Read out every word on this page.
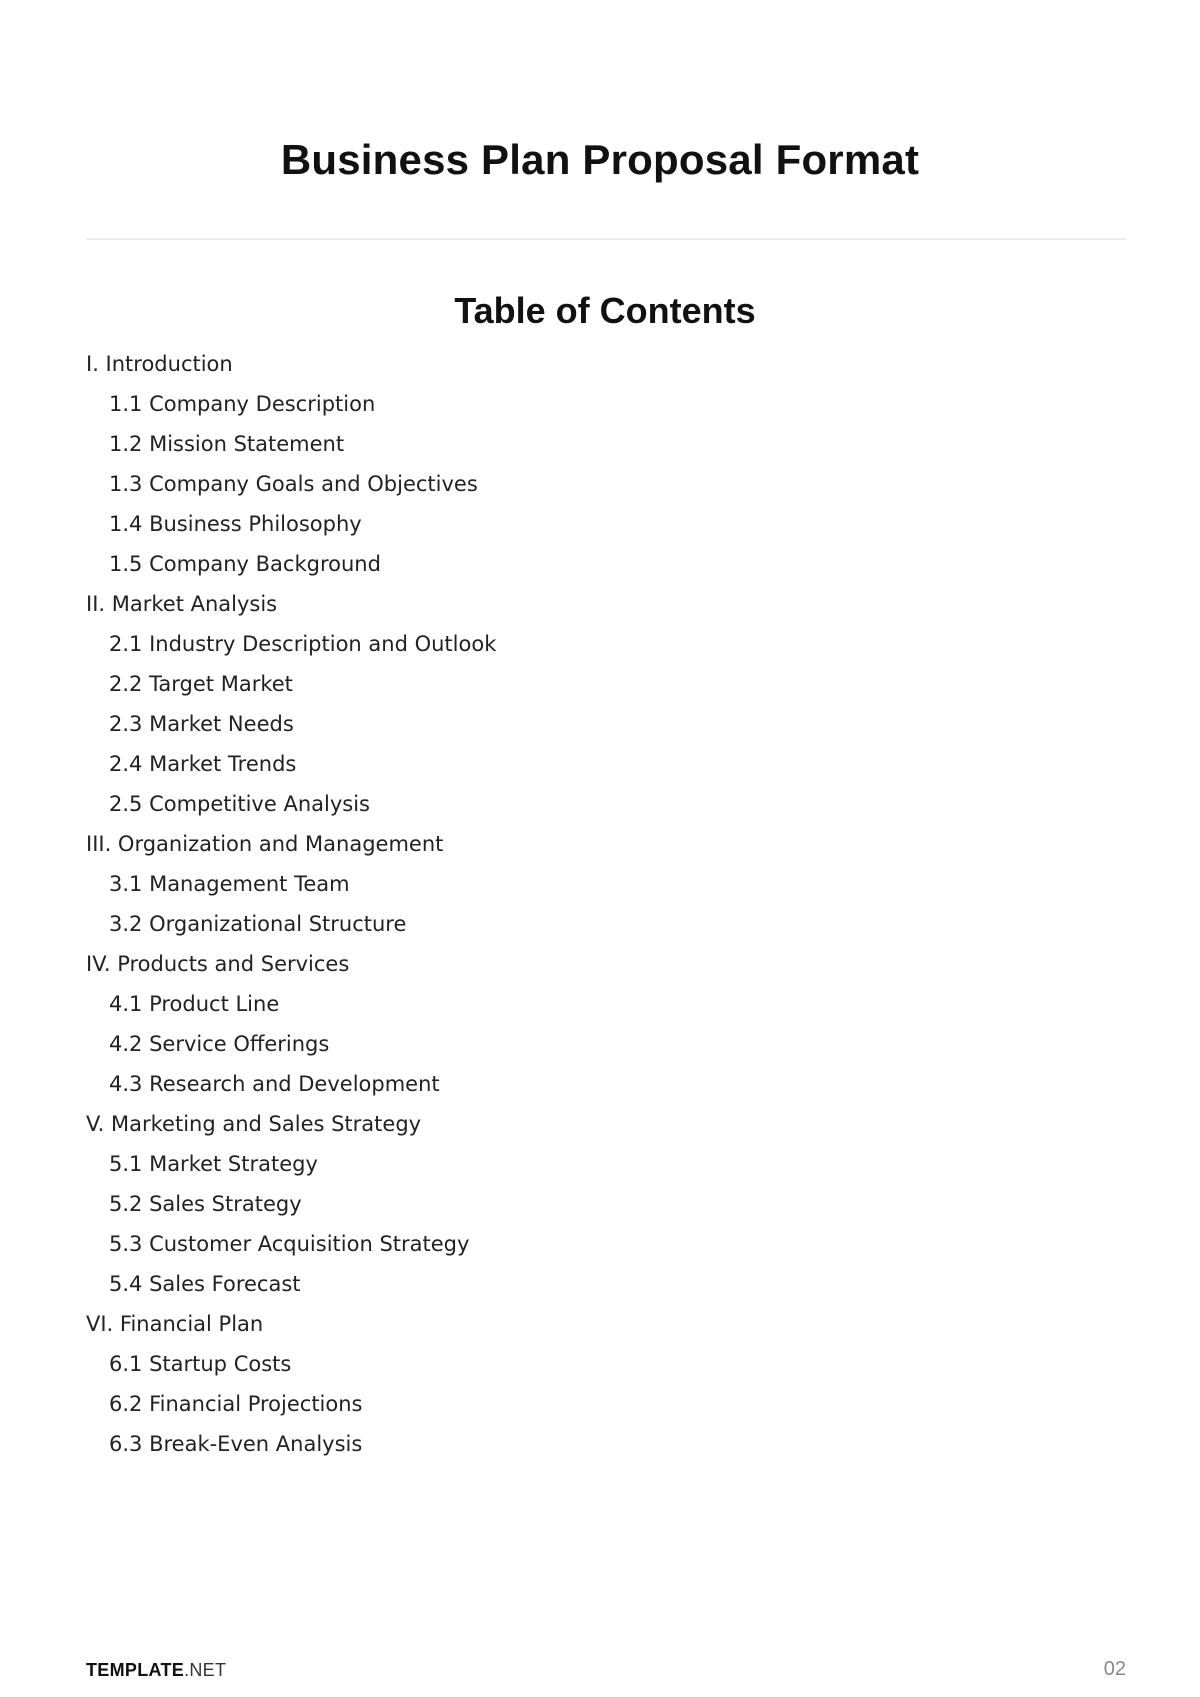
Business Plan Proposal Format
Table of Contents
I. Introduction
1.1 Company Description
1.2 Mission Statement
1.3 Company Goals and Objectives
1.4 Business Philosophy
1.5 Company Background
II. Market Analysis
2.1 Industry Description and Outlook
2.2 Target Market
2.3 Market Needs
2.4 Market Trends
2.5 Competitive Analysis
III. Organization and Management
3.1 Management Team
3.2 Organizational Structure
IV. Products and Services
4.1 Product Line
4.2 Service Offerings
4.3 Research and Development
V. Marketing and Sales Strategy
5.1 Market Strategy
5.2 Sales Strategy
5.3 Customer Acquisition Strategy
5.4 Sales Forecast
VI. Financial Plan
6.1 Startup Costs
6.2 Financial Projections
6.3 Break-Even Analysis
TEMPLATE.NET	02
